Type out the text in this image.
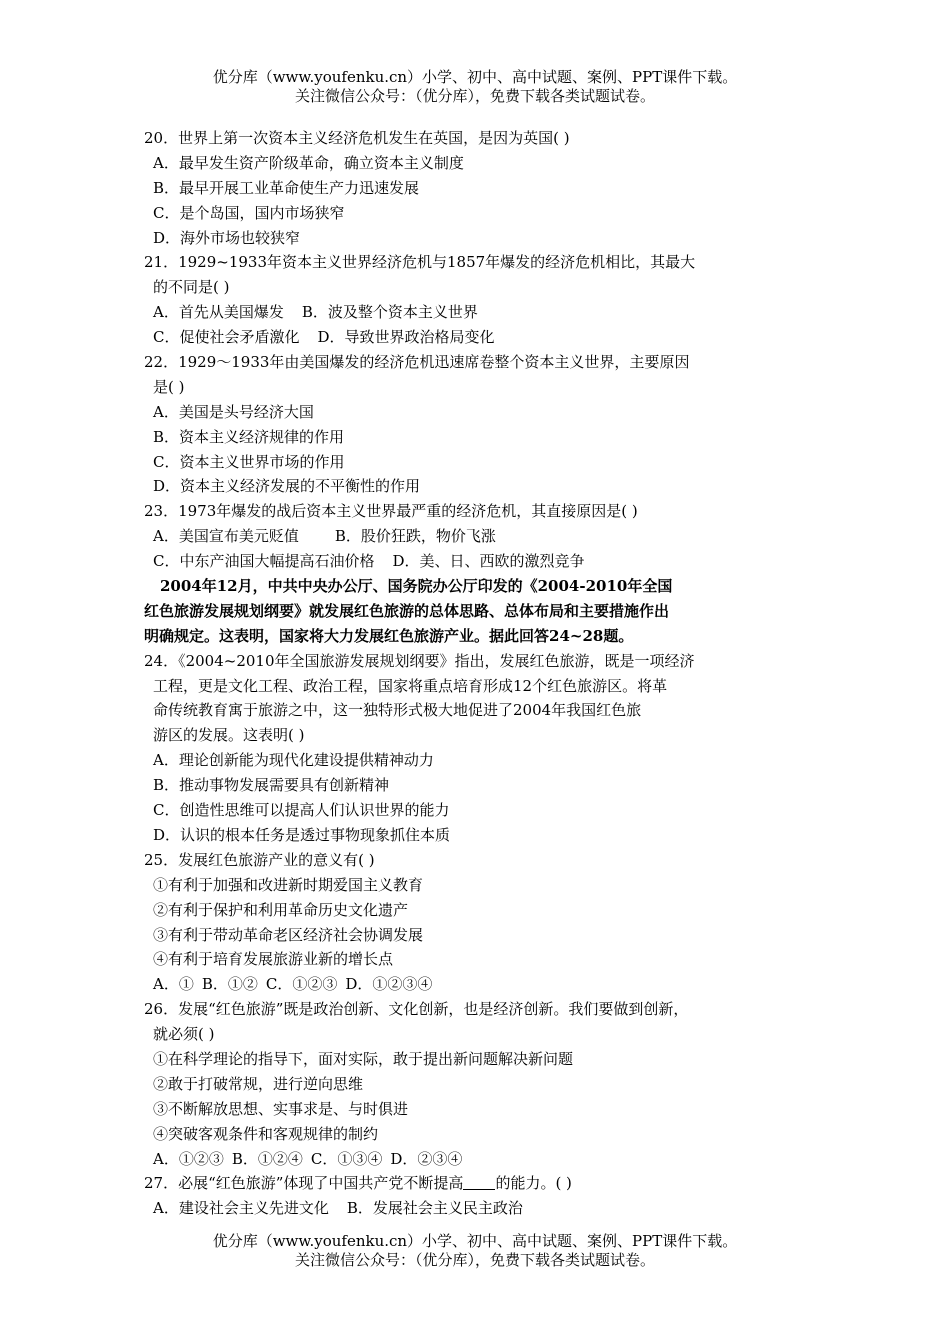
优分库（www.youfenku.cn）小学、初中、高中试题、案例、PPT课件下载。
关注微信公众号：（优分库），免费下载各类试题试卷。
20．世界上第一次资本主义经济危机发生在英国，是因为英国( )
A．最早发生资产阶级革命，确立资本主义制度
B．最早开展工业革命使生产力迅速发展
C．是个岛国，国内市场狭窄
D．海外市场也较狭窄
21．1929~1933年资本主义世界经济危机与1857年爆发的经济危机相比，其最大
的不同是( )
A．首先从美国爆发 B．波及整个资本主义世界
C．促使社会矛盾激化 D．导致世界政治格局变化
22．1929～1933年由美国爆发的经济危机迅速席卷整个资本主义世界，主要原因
是( )
A．美国是头号经济大国
B．资本主义经济规律的作用
C．资本主义世界市场的作用
D．资本主义经济发展的不平衡性的作用
23．1973年爆发的战后资本主义世界最严重的经济危机，其直接原因是( )
A．美国宣布美元贬值 B．股价狂跌，物价飞涨
C．中东产油国大幅提高石油价格 D．美、日、西欧的激烈竞争
2004年12月，中共中央办公厅、国务院办公厅印发的《2004-2010年全国
红色旅游发展规划纲要》就发展红色旅游的总体思路、总体布局和主要措施作出
明确规定。这表明，国家将大力发展红色旅游产业。据此回答24~28题。
24．《2004~2010年全国旅游发展规划纲要》指出，发展红色旅游，既是一项经济
工程，更是文化工程、政治工程，国家将重点培育形成12个红色旅游区。将革
命传统教育寓于旅游之中，这一独特形式极大地促进了2004年我国红色旅
游区的发展。这表明( )
A．理论创新能为现代化建设提供精神动力
B．推动事物发展需要具有创新精神
C．创造性思维可以提高人们认识世界的能力
D．认识的根本任务是透过事物现象抓住本质
25．发展红色旅游产业的意义有( )
①有利于加强和改进新时期爱国主义教育
②有利于保护和利用革命历史文化遗产
③有利于带动革命老区经济社会协调发展
④有利于培育发展旅游业新的增长点
A．① B．①② C．①②③ D．①②③④
26．发展“红色旅游”既是政治创新、文化创新，也是经济创新。我们要做到创新，
就必须( )
①在科学理论的指导下，面对实际，敢于提出新问题解决新问题
②敢于打破常规，进行逆向思维
③不断解放思想、实事求是、与时俱进
④突破客观条件和客观规律的制约
A．①②③ B．①②④ C．①③④ D．②③④
27．必展“红色旅游”体现了中国共产党不断提高 的能力。( )
A．建设社会主义先进文化 B．发展社会主义民主政治
优分库（www.youfenku.cn）小学、初中、高中试题、案例、PPT课件下载。
关注微信公众号：（优分库），免费下载各类试题试卷。
